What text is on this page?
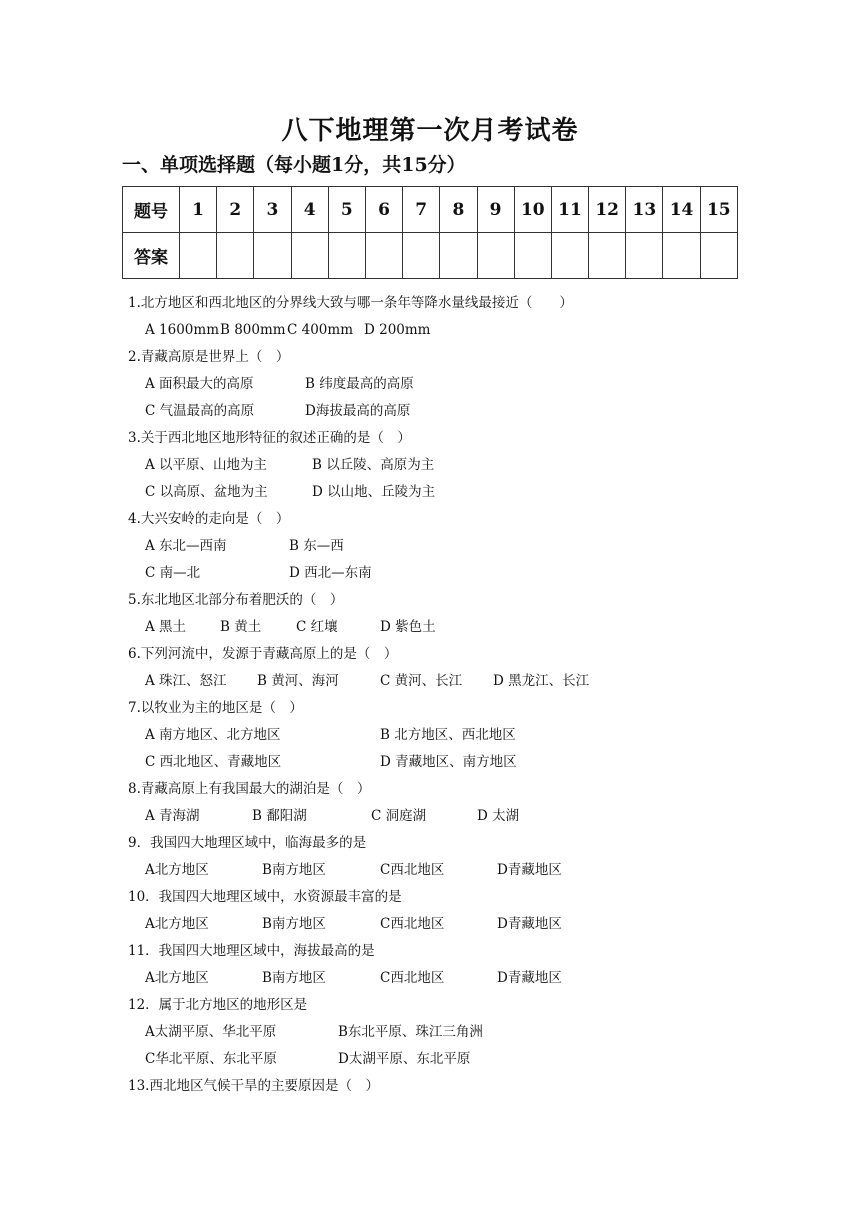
八下地理第一次月考试卷
一、单项选择题（每小题1分，共15分）
题号	1	2	3	4	5	6	7	8	9	10	11	12	13	14	15
答案															
1.北方地区和西北地区的分界线大致与哪一条年等降水量线最接近（　　）
A 1600mm B 800mm C 400mm D 200mm
2.青藏高原是世界上（　）
A 面积最大的高原	B 纬度最高的高原
C 气温最高的高原	D海拔最高的高原
3.关于西北地区地形特征的叙述正确的是（　）
A 以平原、山地为主	B 以丘陵、高原为主
C 以高原、盆地为主	D 以山地、丘陵为主
4.大兴安岭的走向是（　）
A 东北—西南	B 东—西
C 南—北	D 西北—东南
5.东北地区北部分布着肥沃的（　）
A 黑土	B 黄土	C 红壤	D 紫色土
6.下列河流中，发源于青藏高原上的是（　）
A 珠江、怒江 B 黄河、海河	C 黄河、长江 D 黑龙江、长江
7.以牧业为主的地区是（　）
A 南方地区、北方地区	B 北方地区、西北地区
C 西北地区、青藏地区	D 青藏地区、南方地区
8.青藏高原上有我国最大的湖泊是（　）
A 青海湖	B 鄱阳湖	C 洞庭湖	D 太湖
9．我国四大地理区域中，临海最多的是
A北方地区	B南方地区	C西北地区	D青藏地区
10．我国四大地理区域中，水资源最丰富的是
A北方地区	B南方地区	C西北地区	D青藏地区
11．我国四大地理区域中，海拔最高的是
A北方地区	B南方地区	C西北地区	D青藏地区
12．属于北方地区的地形区是
A太湖平原、华北平原	B东北平原、珠江三角洲
C华北平原、东北平原	D太湖平原、东北平原
13.西北地区气候干旱的主要原因是（　）
